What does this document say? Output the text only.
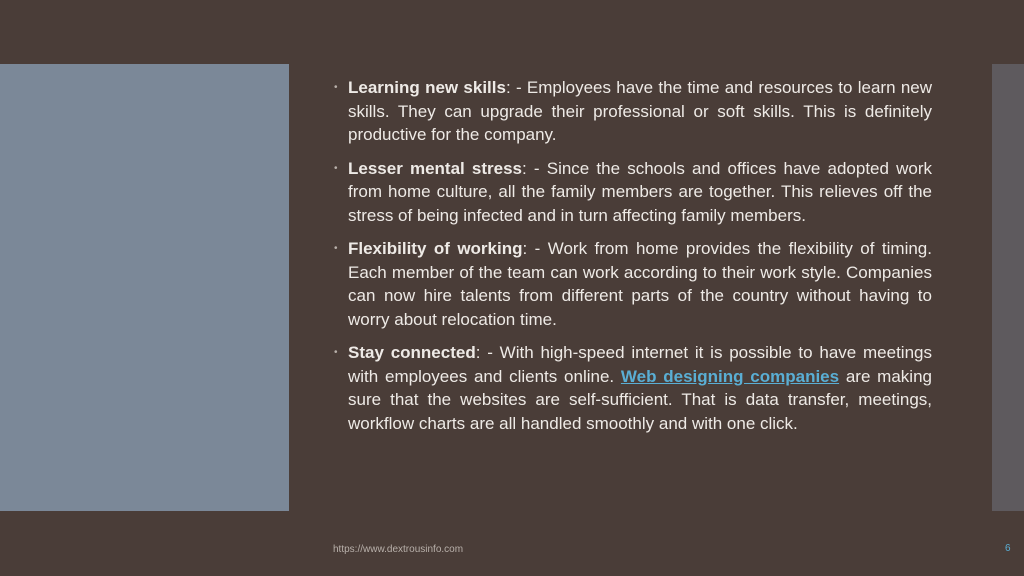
• Learning new skills: - Employees have the time and resources to learn new skills. They can upgrade their professional or soft skills. This is definitely productive for the company.
• Lesser mental stress: - Since the schools and offices have adopted work from home culture, all the family members are together. This relieves off the stress of being infected and in turn affecting family members.
• Flexibility of working: - Work from home provides the flexibility of timing. Each member of the team can work according to their work style. Companies can now hire talents from different parts of the country without having to worry about relocation time.
• Stay connected: - With high-speed internet it is possible to have meetings with employees and clients online. Web designing companies are making sure that the websites are self-sufficient. That is data transfer, meetings, workflow charts are all handled smoothly and with one click.
https://www.dextrousinfo.com	6
